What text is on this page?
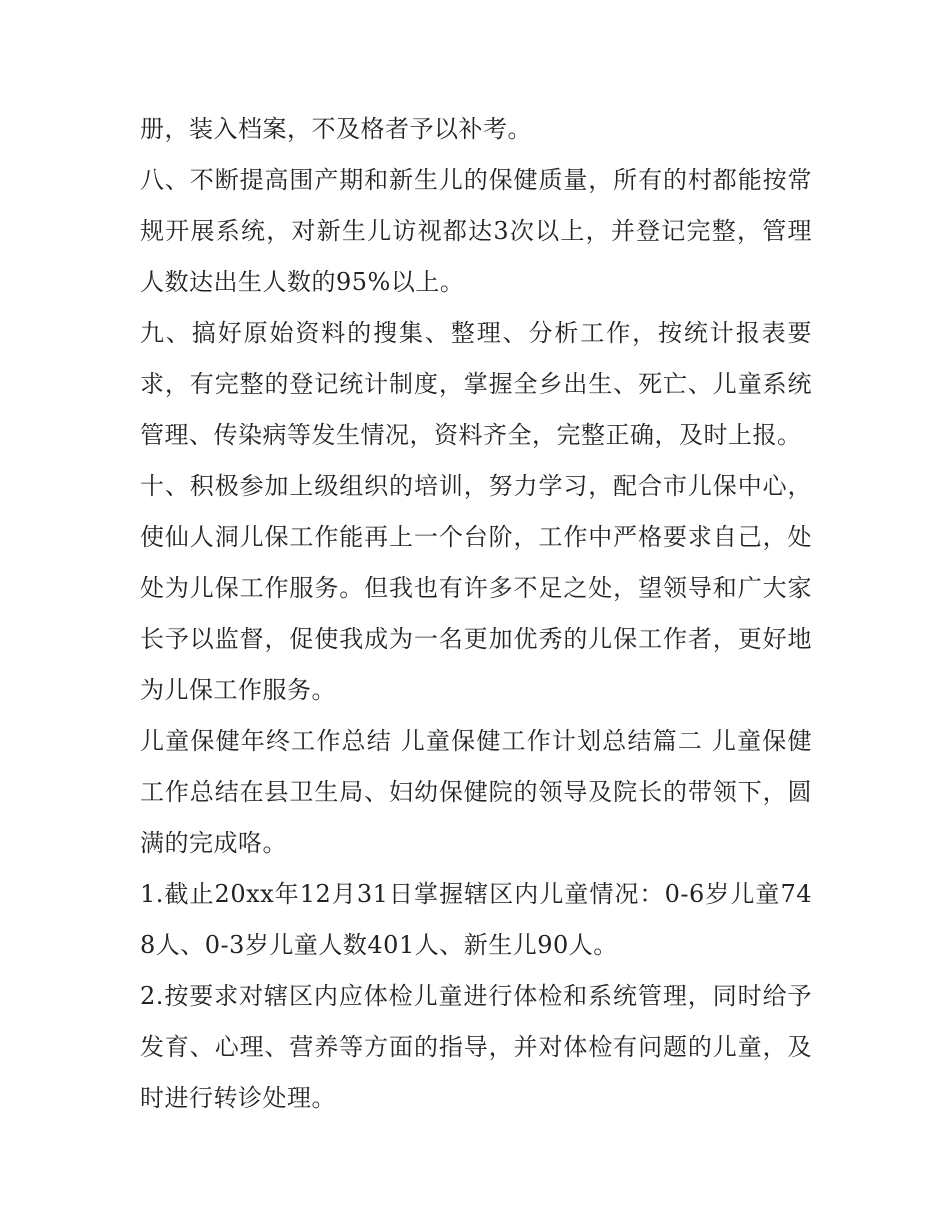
册，装入档案，不及格者予以补考。

八、不断提高围产期和新生儿的保健质量，所有的村都能按常规开展系统，对新生儿访视都达3次以上，并登记完整，管理人数达出生人数的95%以上。

九、搞好原始资料的搜集、整理、分析工作，按统计报表要求，有完整的登记统计制度，掌握全乡出生、死亡、儿童系统管理、传染病等发生情况，资料齐全，完整正确，及时上报。

十、积极参加上级组织的培训，努力学习，配合市儿保中心，使仙人洞儿保工作能再上一个台阶，工作中严格要求自己，处处为儿保工作服务。但我也有许多不足之处，望领导和广大家长予以监督，促使我成为一名更加优秀的儿保工作者，更好地为儿保工作服务。

儿童保健年终工作总结 儿童保健工作计划总结篇二 儿童保健工作总结在县卫生局、妇幼保健院的领导及院长的带领下，圆满的完成咯。

1.截止20xx年12月31日掌握辖区内儿童情况：0-6岁儿童748人、0-3岁儿童人数401人、新生儿90人。

2.按要求对辖区内应体检儿童进行体检和系统管理，同时给予发育、心理、营养等方面的指导，并对体检有问题的儿童，及时进行转诊处理。
